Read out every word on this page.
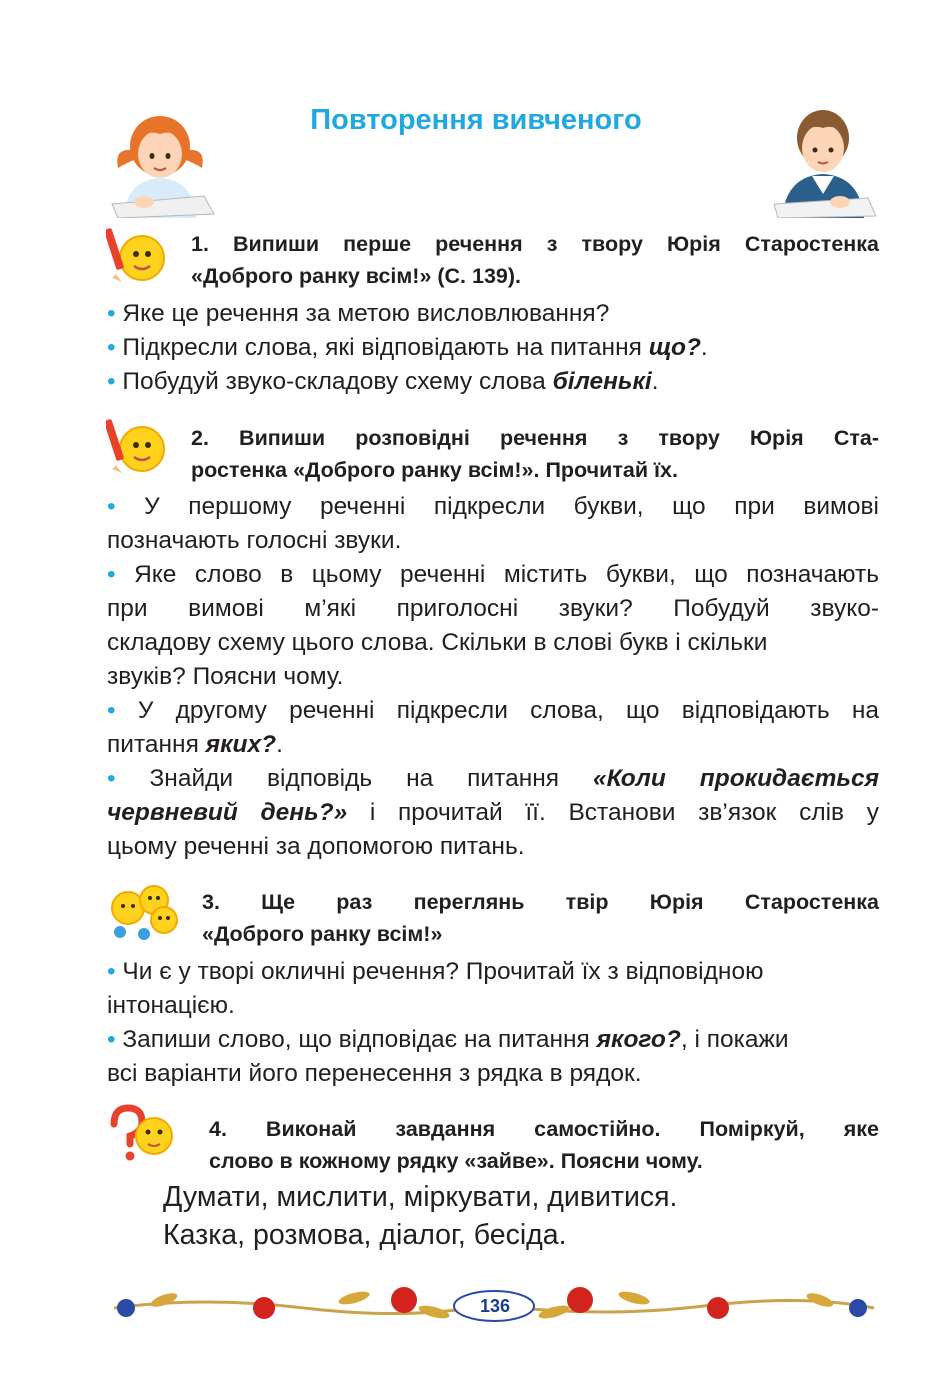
Повторення вивченого
1. Випиши перше речення з твору Юрія Старостенка
«Доброго ранку всім!» (С. 139).

• Яке це речення за метою висловлювання?

• Підкресли слова, які відповідають на питання що?.

• Побудуй звуко-складову схему слова біленькі.

2. Випиши розповідні речення з твору Юрія Ста-
ростенка «Доброго ранку всім!». Прочитай їх.

• У першому реченні підкресли букви, що при вимові

позначають голосні звуки.

• Яке слово в цьому реченні містить букви, що позначають

при вимові м’які приголосні звуки? Побудуй звуко-

складову схему цього слова. Скільки в слові букв і скільки

звуків? Поясни чому.

• У другому реченні підкресли слова, що відповідають на

питання яких?.

• Знайди відповідь на питання «Коли прокидається

червневий день?» і прочитай її. Встанови зв’язок слів у

цьому реченні за допомогою питань.

3. Ще раз переглянь твір Юрія Старостенка
«Доброго ранку всім!»

• Чи є у творі окличні речення? Прочитай їх з відповідною

інтонацією.

• Запиши слово, що відповідає на питання якого?, і покажи

всі варіанти його перенесення з рядка в рядок.

4. Виконай завдання самостійно. Поміркуй, яке
слово в кожному рядку «зайве». Поясни чому.

Думати, мислити, міркувати, дивитися.

Казка, розмова, діалог, бесіда.

136
